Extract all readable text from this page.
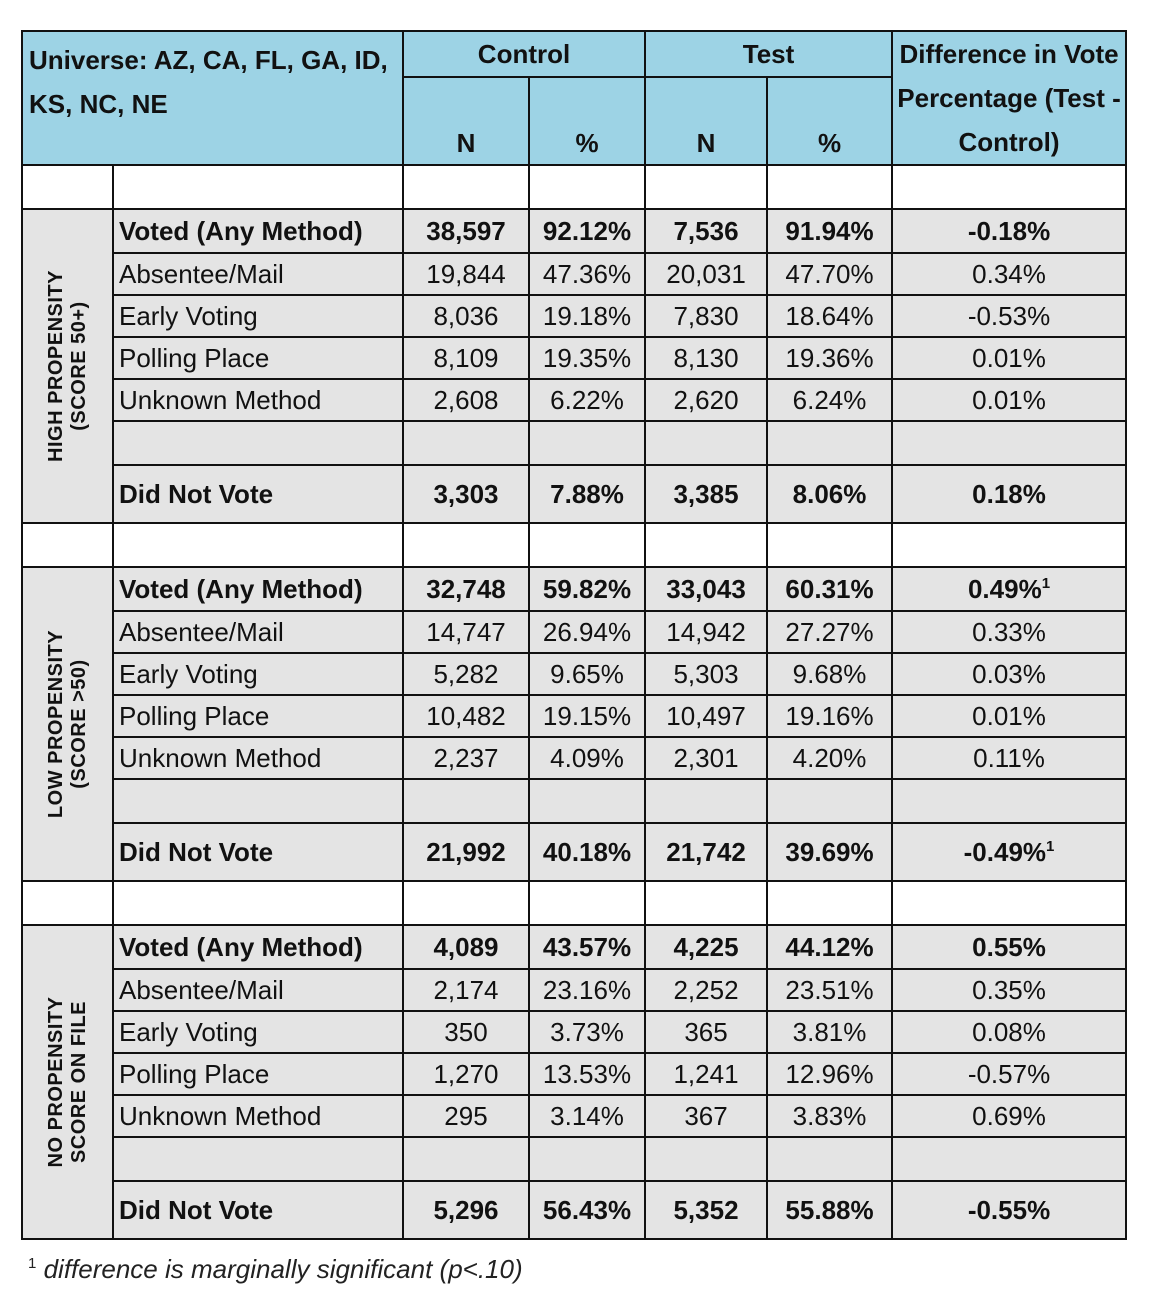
Universe: AZ, CA, FL, GA, ID, KS, NC, NE		Control		Test		Difference in Vote Percentage (Test - Control)
		N	%	N	%	

HIGH PROPENSITY (SCORE 50+)	Voted (Any Method)	38,597	92.12%	7,536	91.94%	-0.18%
	Absentee/Mail	19,844	47.36%	20,031	47.70%	0.34%
	Early Voting	8,036	19.18%	7,830	18.64%	-0.53%
	Polling Place	8,109	19.35%	8,130	19.36%	0.01%
	Unknown Method	2,608	6.22%	2,620	6.24%	0.01%

	Did Not Vote	3,303	7.88%	3,385	8.06%	0.18%

LOW PROPENSITY (SCORE >50)	Voted (Any Method)	32,748	59.82%	33,043	60.31%	0.49%$^1$
	Absentee/Mail	14,747	26.94%	14,942	27.27%	0.33%
	Early Voting	5,282	9.65%	5,303	9.68%	0.03%
	Polling Place	10,482	19.15%	10,497	19.16%	0.01%
	Unknown Method	2,237	4.09%	2,301	4.20%	0.11%

	Did Not Vote	21,992	40.18%	21,742	39.69%	-0.49%$^1$

NO PROPENSITY SCORE ON FILE	Voted (Any Method)	4,089	43.57%	4,225	44.12%	0.55%
	Absentee/Mail	2,174	23.16%	2,252	23.51%	0.35%
	Early Voting	350	3.73%	365	3.81%	0.08%
	Polling Place	1,270	13.53%	1,241	12.96%	-0.57%
	Unknown Method	295	3.14%	367	3.83%	0.69%

	Did Not Vote	5,296	56.43%	5,352	55.88%	-0.55%
$^1$ difference is marginally significant (p<.10)
